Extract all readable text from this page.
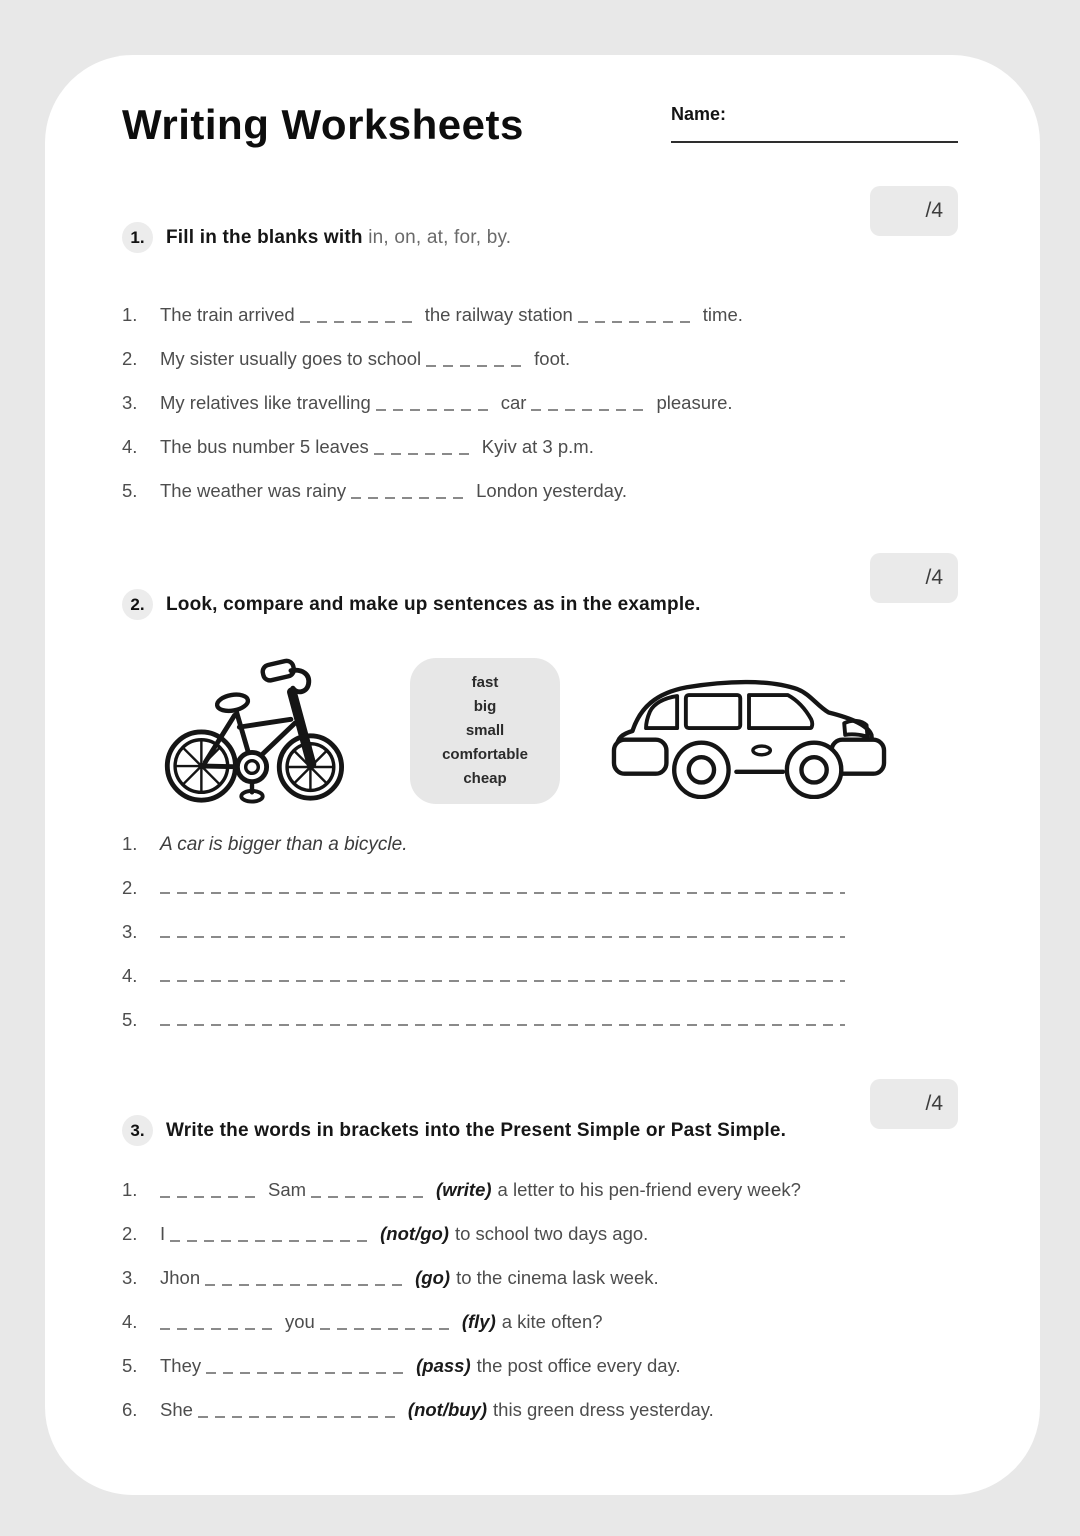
Writing Worksheets	Name:
1.	Fill in the blanks with in, on, at, for, by.
/4
1.	The train arrived	the railway station	time.
2.	My sister usually goes to school	foot.
3.	My relatives like travelling	car	pleasure.
4.	The bus number 5 leaves	Kyiv at 3 p.m.
5.	The weather was rainy	London yesterday.
2.	Look, compare and make up sentences as in the example.
/4
fast
big
small
comfortable
cheap
1.	A car is bigger than a bicycle.
2.
3.
4.
5.
3.	Write the words in brackets into the Present Simple or Past Simple.
/4
1.	Sam	(write) a letter to his pen-friend every week?
2.	I	(not/go) to school two days ago.
3.	Jhon	(go) to the cinema lask week.
4.	you	(fly) a kite often?
5.	They	(pass) the post office every day.
6.	She	(not/buy) this green dress yesterday.
